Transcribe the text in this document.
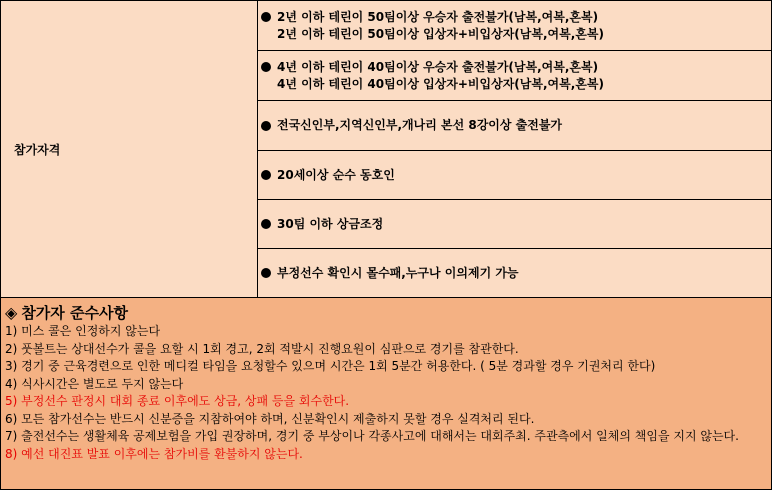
참가자격
2년 이하 테린이 50팀이상 우승자 출전불가(남복,여복,혼복)
2년 이하 테린이 50팀이상 입상자+비입상자(남복,여복,혼복)
4년 이하 테린이 40팀이상 우승자 출전불가(남복,여복,혼복)
4년 이하 테린이 40팀이상 입상자+비입상자(남복,여복,혼복)
전국신인부,지역신인부,개나리 본선 8강이상 출전불가
20세이상 순수 동호인
30팀 이하 상금조정
부정선수 확인시 몰수패,누구나 이의제기 가능
◈ 참가자 준수사항
1) 미스 콜은 인정하지 않는다
2) 풋볼트는 상대선수가 콜을 요할 시 1회 경고, 2회 적발시 진행요원이 심판으로 경기를 참관한다.
3) 경기 중 근육경련으로 인한 메디컬 타임을 요청할수 있으며 시간은 1회 5분간 허용한다. ( 5분 경과할 경우 기권처리 한다)
4) 식사시간은 별도로 두지 않는다
5) 부정선수 판정시 대회 종료 이후에도 상금, 상패 등을 회수한다.
6) 모든 참가선수는 반드시 신분증을 지참하여야 하며, 신분확인시 제출하지 못할 경우 실격처리 된다.
7) 출전선수는 생활체육 공제보험을 가입 권장하며, 경기 중 부상이나 각종사고에 대해서는 대회주최. 주관측에서 일체의 책임을 지지 않는다.
8) 예선 대진표 발표 이후에는 참가비를 환불하지 않는다.
